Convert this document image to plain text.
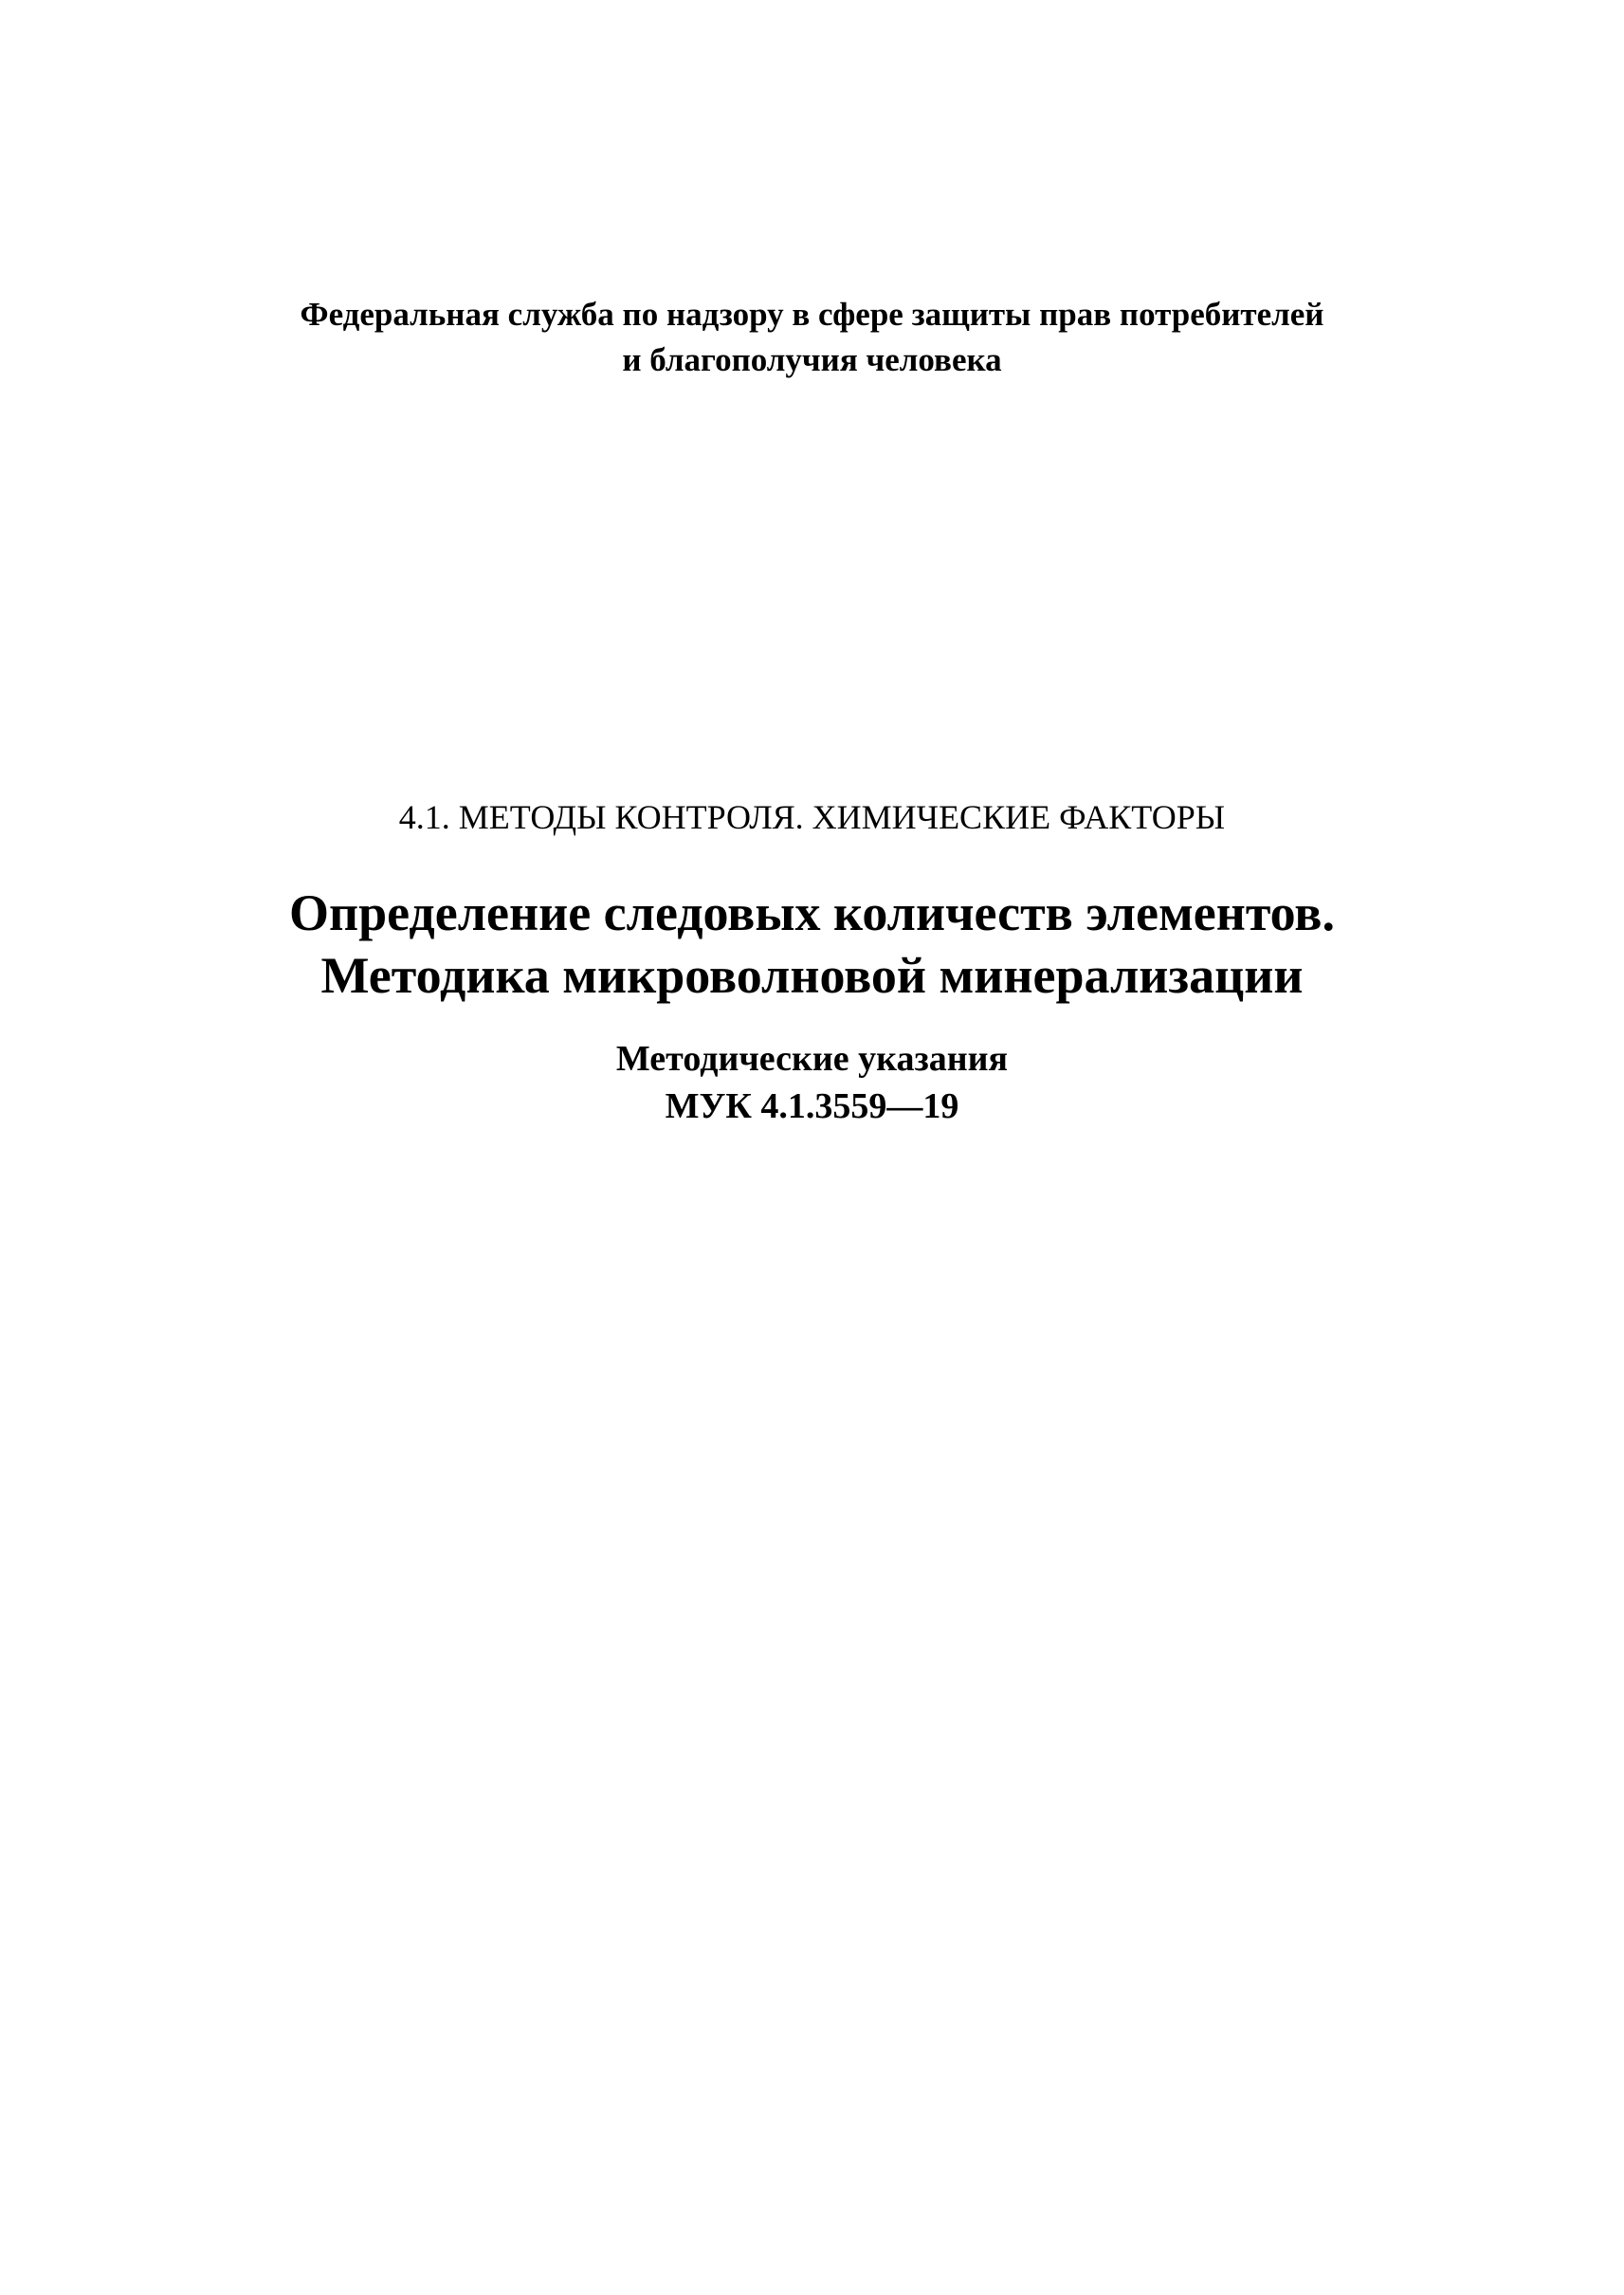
Федеральная служба по надзору в сфере защиты прав потребителей
и благополучия человека
4.1. МЕТОДЫ КОНТРОЛЯ. ХИМИЧЕСКИЕ ФАКТОРЫ
Определение следовых количеств элементов.
Методика микроволновой минерализации
Методические указания
МУК 4.1.3559—19
